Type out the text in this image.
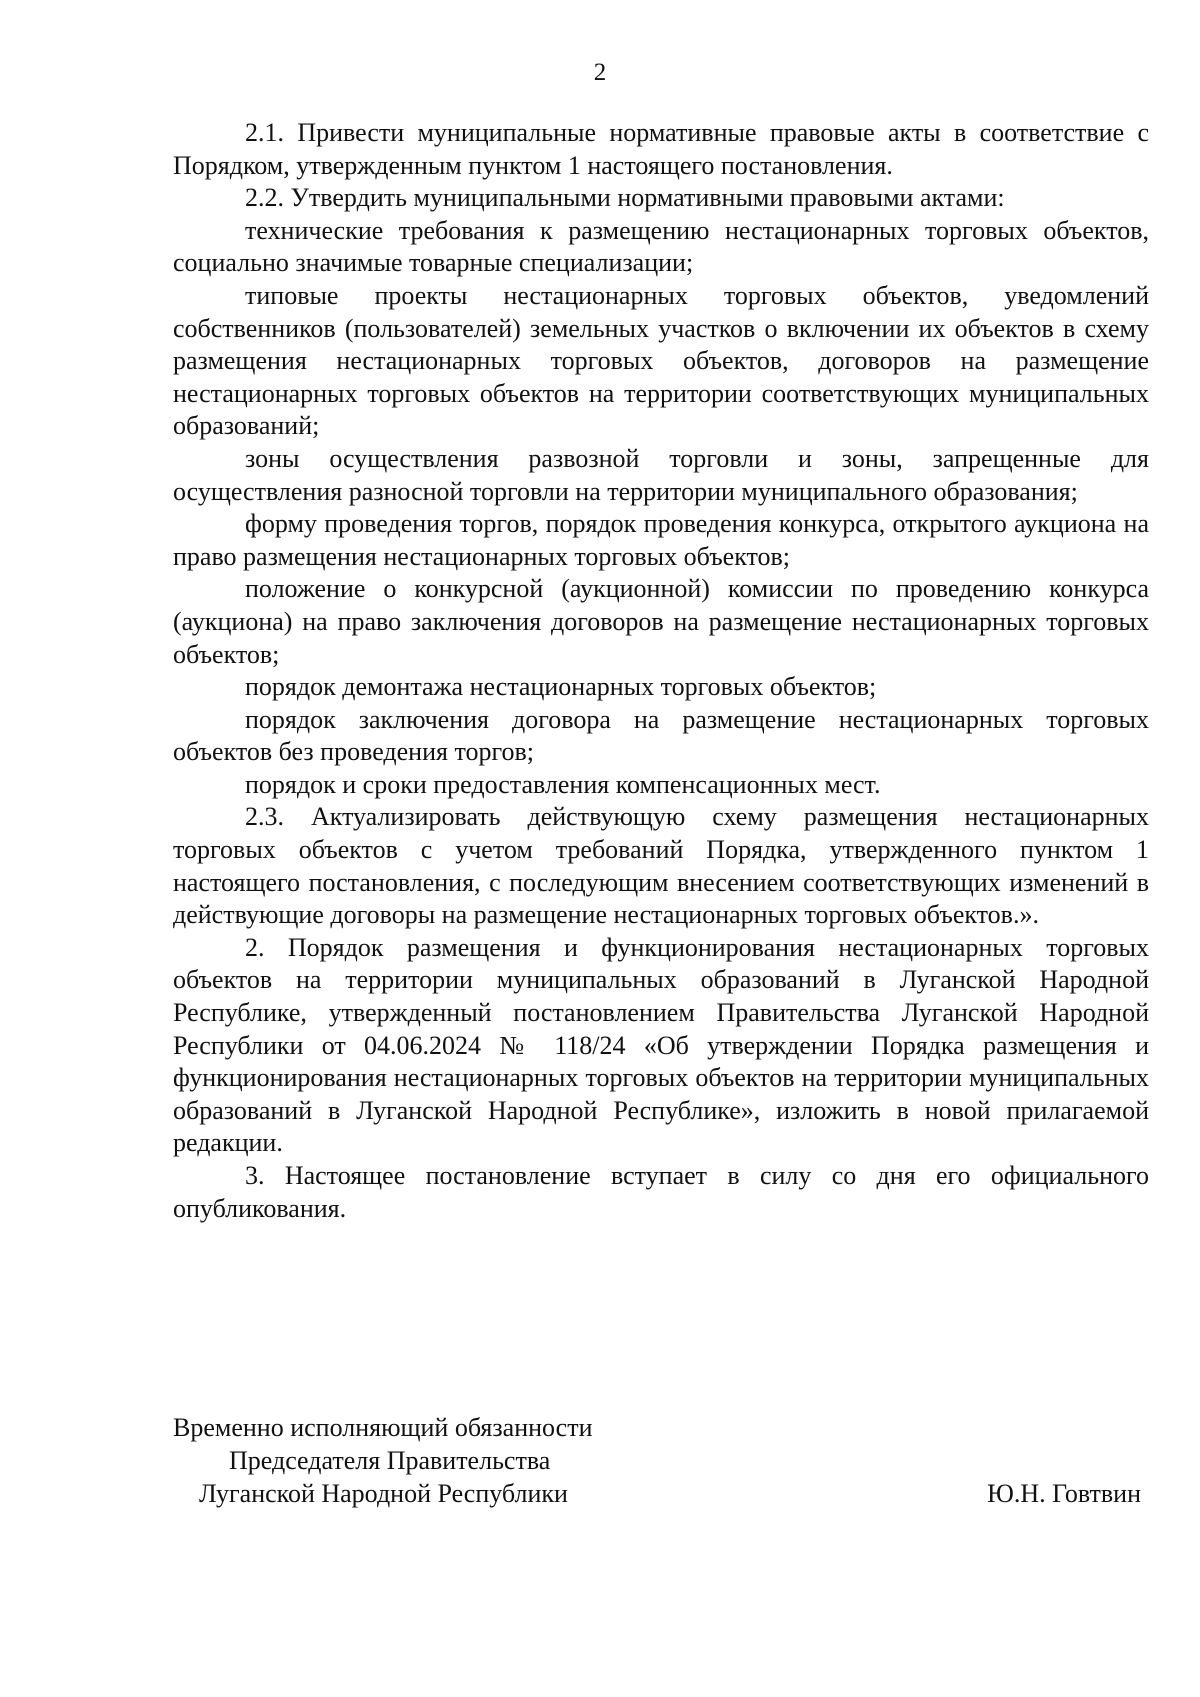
2

2.1. Привести муниципальные нормативные правовые акты в соответствие с Порядком, утвержденным пунктом 1 настоящего постановления.

2.2. Утвердить муниципальными нормативными правовыми актами:

технические требования к размещению нестационарных торговых объектов, социально значимые товарные специализации;

типовые проекты нестационарных торговых объектов, уведомлений собственников (пользователей) земельных участков о включении их объектов в схему размещения нестационарных торговых объектов, договоров на размещение нестационарных торговых объектов на территории соответствующих муниципальных образований;

зоны осуществления развозной торговли и зоны, запрещенные для осуществления разносной торговли на территории муниципального образования;

форму проведения торгов, порядок проведения конкурса, открытого аукциона на право размещения нестационарных торговых объектов;

положение о конкурсной (аукционной) комиссии по проведению конкурса (аукциона) на право заключения договоров на размещение нестационарных торговых объектов;

порядок демонтажа нестационарных торговых объектов;

порядок заключения договора на размещение нестационарных торговых объектов без проведения торгов;

порядок и сроки предоставления компенсационных мест.

2.3. Актуализировать действующую схему размещения нестационарных торговых объектов с учетом требований Порядка, утвержденного пунктом 1 настоящего постановления, с последующим внесением соответствующих изменений в действующие договоры на размещение нестационарных торговых объектов.».

2. Порядок размещения и функционирования нестационарных торговых объектов на территории муниципальных образований в Луганской Народной Республике, утвержденный постановлением Правительства Луганской Народной Республики от 04.06.2024 № 118/24 «Об утверждении Порядка размещения и функционирования нестационарных торговых объектов на территории муниципальных образований в Луганской Народной Республике», изложить в новой прилагаемой редакции.

3. Настоящее постановление вступает в силу со дня его официального опубликования.

Временно исполняющий обязанности
Председателя Правительства
Луганской Народной Республики	Ю.Н. Говтвин
